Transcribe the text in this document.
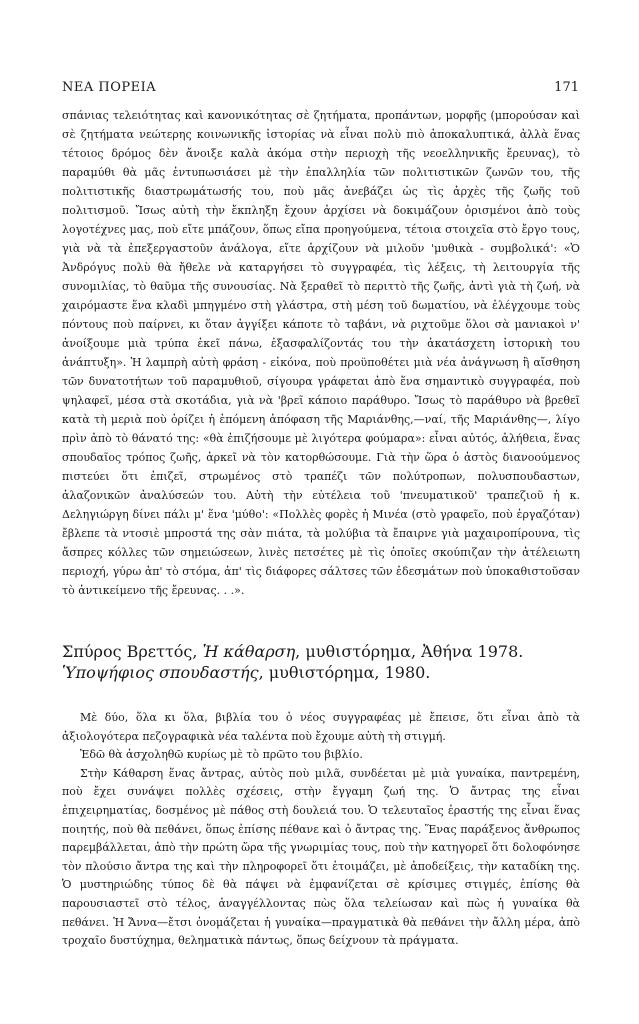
ΝΕΑ ΠΟΡΕΙΑ	171

σπάνιας τελειότητας καὶ κανονικότητας σὲ ζητήματα, προπάντων, μορφῆς (μπορούσαν καὶ σὲ ζητήματα νεώτερης κοινωνικῆς ἱστορίας νὰ εἶναι πολὺ πιὸ ἀποκαλυπτικά, ἀλλὰ ἕνας τέτοιος δρόμος δὲν ἄνοιξε καλὰ ἀκόμα στὴν περιοχὴ τῆς νεοελληνικῆς ἔρευνας), τὸ παραμύθι θὰ μᾶς ἐντυπωσιάσει μὲ τὴν ἐπαλληλία τῶν πολιτιστικῶν ζωνῶν του, τῆς πολιτιστικῆς διαστρωμάτωσής του, ποὺ μᾶς ἀνεβάζει ὡς τὶς ἀρχὲς τῆς ζωῆς τοῦ πολιτισμοῦ. Ἴσως αὐτὴ τὴν ἔκπληξη ἔχουν ἀρχίσει νὰ δοκιμάζουν ὁρισμένοι ἀπὸ τοὺς λογοτέχνες μας, ποὺ εἴτε μπάζουν, ὅπως εἴπα προηγούμενα, τέτοια στοιχεῖα στὸ ἔργο τους, γιὰ νὰ τὰ ἐπεξεργαστοῦν ἀνάλογα, εἴτε ἀρχίζουν νὰ μιλοῦν 'μυθικὰ - συμβολικά': «Ὁ Ἀνδρόγυς πολὺ θὰ ἤθελε νὰ καταργήσει τὸ συγγραφέα, τὶς λέξεις, τὴ λειτουργία τῆς συνομιλίας, τὸ θαῦμα τῆς συνουσίας. Νὰ ξεραθεῖ τὸ περιττὸ τῆς ζωῆς, ἀντὶ γιὰ τὴ ζωή, νὰ χαιρόμαστε ἕνα κλαδὶ μπηγμένο στὴ γλάστρα, στὴ μέση τοῦ δωματίου, νὰ ἐλέγχουμε τοὺς πόντους ποὺ παίρνει, κι ὅταν ἀγγίξει κάποτε τὸ ταβάνι, νὰ ριχτοῦμε ὅλοι σὰ μανιακοὶ ν' ἀνοίξουμε μιὰ τρύπα ἐκεῖ πάνω, ἐξασφαλίζοντάς του τὴν ἀκατάσχετη ἱστορικὴ του ἀνάπτυξη». Ἡ λαμπρὴ αὐτὴ φράση - εἰκόνα, ποὺ προϋποθέτει μιὰ νέα ἀνάγνωση ἢ αἴσθηση τῶν δυνατοτήτων τοῦ παραμυθιοῦ, σίγουρα γράφεται ἀπὸ ἕνα σημαντικὸ συγγραφέα, ποὺ ψηλαφεῖ, μέσα στὰ σκοτάδια, γιὰ νὰ 'βρεῖ κάποιο παράθυρο. Ἴσως τὸ παράθυρο νὰ βρεθεῖ κατὰ τὴ μεριὰ ποὺ ὁρίζει ἡ ἑπόμενη ἀπόφαση τῆς Μαριάνθης,—ναί, τῆς Μαριάνθης—, λίγο πρὶν ἀπὸ τὸ θάνατό της: «θὰ ἐπιζήσουμε μὲ λιγότερα φούμαρα»: εἶναι αὐτός, ἀλήθεια, ἕνας σπουδαῖος τρόπος ζωῆς, ἀρκεῖ νὰ τὸν κατορθώσουμε. Γιὰ τὴν ὥρα ὁ ἀστὸς διανοούμενος πιστεύει ὅτι ἐπιζεῖ, στρωμένος στὸ τραπέζι τῶν πολύτροπων, πολυσπουδαστων, ἀλαζονικῶν ἀναλύσεών του. Αὐτὴ τὴν εὐτέλεια τοῦ 'πνευματικοῦ' τραπεζιοῦ ἡ κ. Δεληγιώργη δίνει πάλι μ' ἕνα 'μύθο': «Πολλὲς φορὲς ἡ Μινέα (στὸ γραφεῖο, ποὺ ἐργαζόταν) ἔβλεπε τὰ ντοσιὲ μπροστά της σὰν πιάτα, τὰ μολύβια τὰ ἔπαιρνε γιὰ μαχαιροπίρουνα, τὶς ἄσπρες κόλλες τῶν σημειώσεων, λινὲς πετσέτες μὲ τὶς ὁποῖες σκούπιζαν τὴν ἀτέλειωτη περιοχή, γύρω ἀπ' τὸ στόμα, ἀπ' τὶς διάφορες σάλτσες τῶν ἐδεσμάτων ποὺ ὑποκαθιστοῦσαν τὸ ἀντικείμενο τῆς ἔρευνας. . .».

Σπύρος Βρεττός, Ἡ κάθαρση, μυθιστόρημα, Ἀθήνα 1978. Ὑποψήφιος σπουδαστής, μυθιστόρημα, 1980.

Μὲ δύο, ὅλα κι ὅλα, βιβλία του ὁ νέος συγγραφέας μὲ ἔπεισε, ὅτι εἶναι ἀπὸ τὰ ἀξιολογότερα πεζογραφικὰ νέα ταλέντα ποὺ ἔχουμε αὐτὴ τὴ στιγμή.

Ἐδῶ θὰ ἀσχοληθῶ κυρίως μὲ τὸ πρῶτο του βιβλίο.

Στὴν Κάθαρση ἕνας ἄντρας, αὐτὸς ποὺ μιλᾶ, συνδέεται μὲ μιὰ γυναίκα, παντρεμένη, ποὺ ἔχει συνάψει πολλὲς σχέσεις, στὴν ἔγγαμη ζωή της. Ὁ ἄντρας της εἶναι ἐπιχειρηματίας, δοσμένος μὲ πάθος στὴ δουλειά του. Ὁ τελευταῖος ἐραστής της εἶναι ἕνας ποιητής, ποὺ θὰ πεθάνει, ὅπως ἐπίσης πέθανε καὶ ὁ ἄντρας της. Ἕνας παράξενος ἄνθρωπος παρεμβάλλεται, ἀπὸ τὴν πρώτη ὥρα τῆς γνωριμίας τους, ποὺ τὴν κατηγορεῖ ὅτι δολοφόνησε τὸν πλούσιο ἄντρα της καὶ τὴν πληροφορεῖ ὅτι ἑτοιμάζει, μὲ ἀποδείξεις, τὴν καταδίκη της. Ὁ μυστηριώδης τύπος δὲ θὰ πάψει νὰ ἐμφανίζεται σὲ κρίσιμες στιγμές, ἐπίσης θὰ παρουσιαστεῖ στὸ τέλος, ἀναγγέλλοντας πὼς ὅλα τελείωσαν καὶ πὼς ἡ γυναίκα θὰ πεθάνει. Ἡ Ἄννα—ἔτσι ὀνομάζεται ἡ γυναίκα—πραγματικὰ θὰ πεθάνει τὴν ἄλλη μέρα, ἀπὸ τροχαῖο δυστύχημα, θεληματικὰ πάντως, ὅπως δείχνουν τὰ πράγματα.
